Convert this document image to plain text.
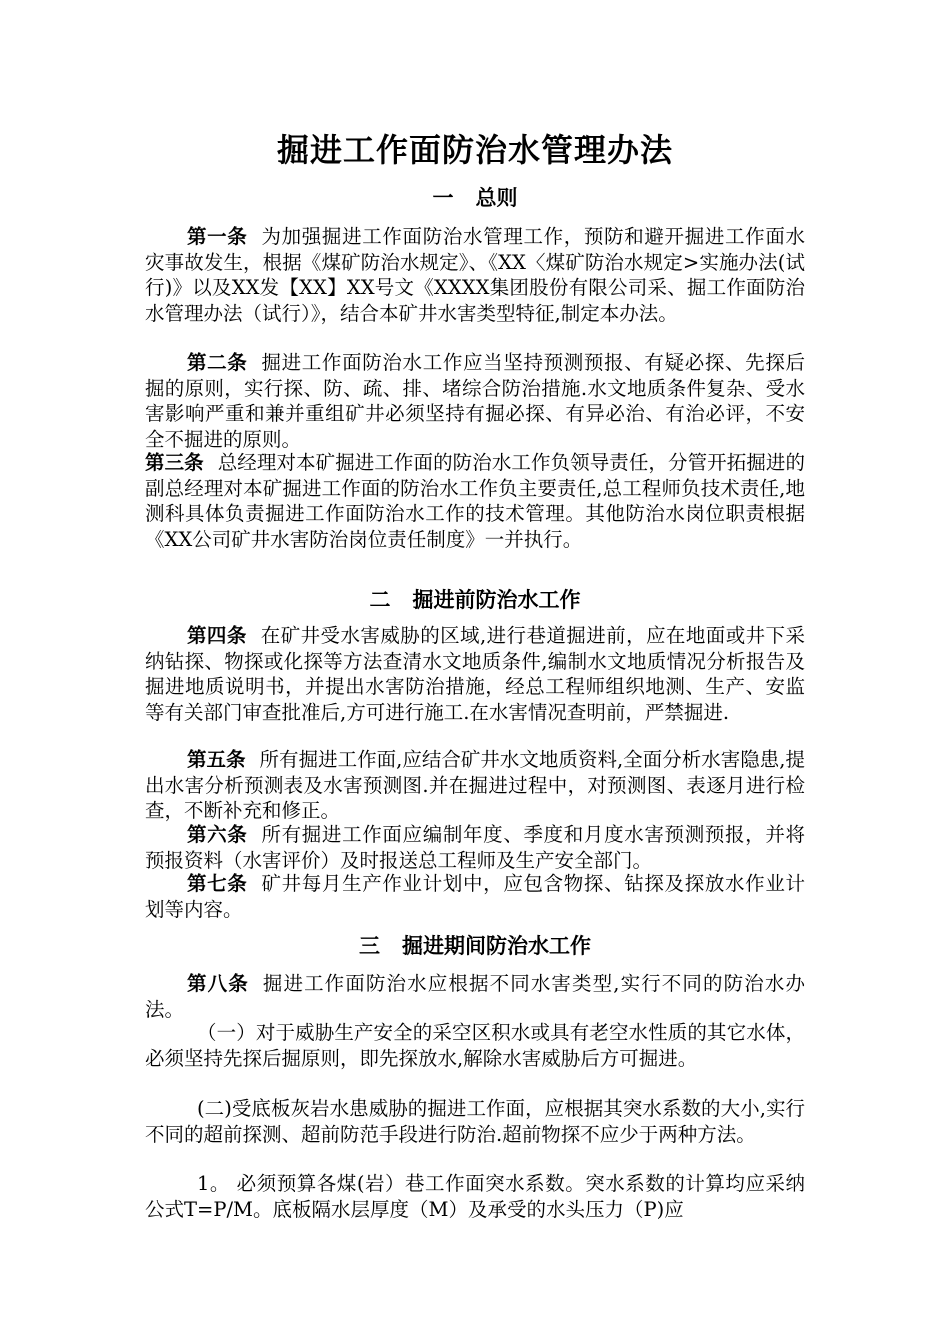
掘进工作面防治水管理办法
一 总则

第一条 为加强掘进工作面防治水管理工作，预防和避开掘进工作面水灾事故发生，根据《煤矿防治水规定》、《XX〈煤矿防治水规定>实施办法(试行)》以及XX发【XX】XX号文《XXXX集团股份有限公司采、掘工作面防治水管理办法（试行）》，结合本矿井水害类型特征,制定本办法。

第二条 掘进工作面防治水工作应当坚持预测预报、有疑必探、先探后掘的原则，实行探、防、疏、排、堵综合防治措施.水文地质条件复杂、受水害影响严重和兼并重组矿井必须坚持有掘必探、有异必治、有治必评，不安全不掘进的原则。

第三条 总经理对本矿掘进工作面的防治水工作负领导责任，分管开拓掘进的副总经理对本矿掘进工作面的防治水工作负主要责任,总工程师负技术责任,地测科具体负责掘进工作面防治水工作的技术管理。其他防治水岗位职责根据《XX公司矿井水害防治岗位责任制度》一并执行。

二 掘进前防治水工作

第四条 在矿井受水害威胁的区域,进行巷道掘进前，应在地面或井下采纳钻探、物探或化探等方法查清水文地质条件,编制水文地质情况分析报告及掘进地质说明书，并提出水害防治措施，经总工程师组织地测、生产、安监等有关部门审查批准后,方可进行施工.在水害情况查明前，严禁掘进.

第五条 所有掘进工作面,应结合矿井水文地质资料,全面分析水害隐患,提出水害分析预测表及水害预测图.并在掘进过程中，对预测图、表逐月进行检查，不断补充和修正。

第六条 所有掘进工作面应编制年度、季度和月度水害预测预报，并将预报资料（水害评价）及时报送总工程师及生产安全部门。

第七条 矿井每月生产作业计划中，应包含物探、钻探及探放水作业计划等内容。

三 掘进期间防治水工作

第八条 掘进工作面防治水应根据不同水害类型,实行不同的防治水办法。

（一）对于威胁生产安全的采空区积水或具有老空水性质的其它水体，必须坚持先探后掘原则，即先探放水,解除水害威胁后方可掘进。

(二)受底板灰岩水患威胁的掘进工作面，应根据其突水系数的大小,实行不同的超前探测、超前防范手段进行防治.超前物探不应少于两种方法。

1。 必须预算各煤(岩）巷工作面突水系数。突水系数的计算均应采纳公式T=P/M。底板隔水层厚度（M）及承受的水头压力（P)应
